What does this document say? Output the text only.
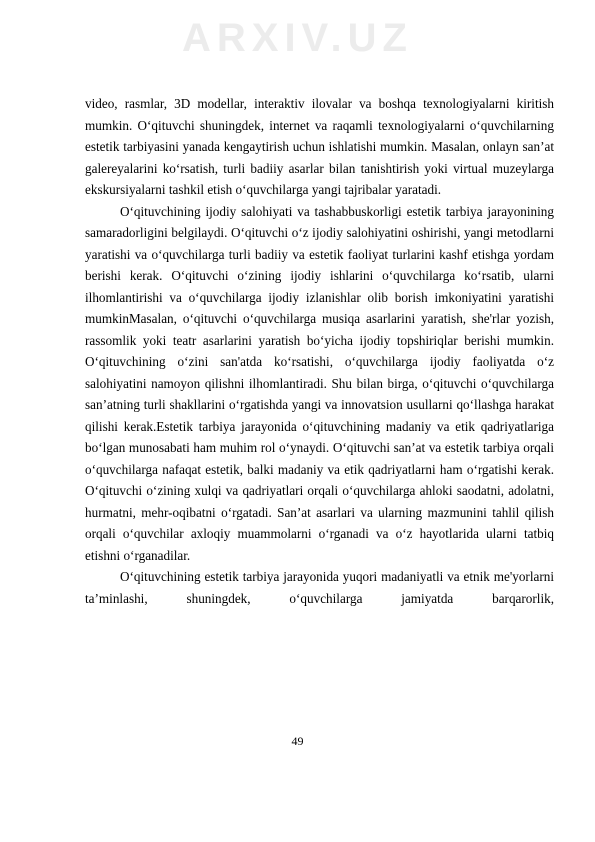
ARXIV.UZ

video, rasmlar, 3D modellar, interaktiv ilovalar va boshqa texnologiyalarni kiritish mumkin. O‘qituvchi shuningdek, internet va raqamli texnologiyalarni o‘quvchilarning estetik tarbiyasini yanada kengaytirish uchun ishlatishi mumkin. Masalan, onlayn san’at galereyalarini ko‘rsatish, turli badiiy asarlar bilan tanishtirish yoki virtual muzeylarga ekskursiyalarni tashkil etish o‘quvchilarga yangi tajribalar yaratadi.

O‘qituvchining ijodiy salohiyati va tashabbuskorligi estetik tarbiya jarayonining samaradorligini belgilaydi. O‘qituvchi o‘z ijodiy salohiyatini oshirishi, yangi metodlarni yaratishi va o‘quvchilarga turli badiiy va estetik faoliyat turlarini kashf etishga yordam berishi kerak. O‘qituvchi o‘zining ijodiy ishlarini o‘quvchilarga ko‘rsatib, ularni ilhomlantirishi va o‘quvchilarga ijodiy izlanishlar olib borish imkoniyatini yaratishi mumkinMasalan, o‘qituvchi o‘quvchilarga musiqa asarlarini yaratish, she'rlar yozish, rassomlik yoki teatr asarlarini yaratish bo‘yicha ijodiy topshiriqlar berishi mumkin. O‘qituvchining o‘zini san'atda ko‘rsatishi, o‘quvchilarga ijodiy faoliyatda o‘z salohiyatini namoyon qilishni ilhomlantiradi. Shu bilan birga, o‘qituvchi o‘quvchilarga san’atning turli shakllarini o‘rgatishda yangi va innovatsion usullarni qo‘llashga harakat qilishi kerak.Estetik tarbiya jarayonida o‘qituvchining madaniy va etik qadriyatlariga bo‘lgan munosabati ham muhim rol o‘ynaydi. O‘qituvchi san’at va estetik tarbiya orqali o‘quvchilarga nafaqat estetik, balki madaniy va etik qadriyatlarni ham o‘rgatishi kerak. O‘qituvchi o‘zining xulqi va qadriyatlari orqali o‘quvchilarga ahloki saodatni, adolatni, hurmatni, mehr-oqibatni o‘rgatadi. San’at asarlari va ularning mazmunini tahlil qilish orqali o‘quvchilar axloqiy muammolarni o‘rganadi va o‘z hayotlarida ularni tatbiq etishni o‘rganadilar.

O‘qituvchining estetik tarbiya jarayonida yuqori madaniyatli va etnik me'yorlarni ta’minlashi, shuningdek, o‘quvchilarga jamiyatda barqarorlik,

49
